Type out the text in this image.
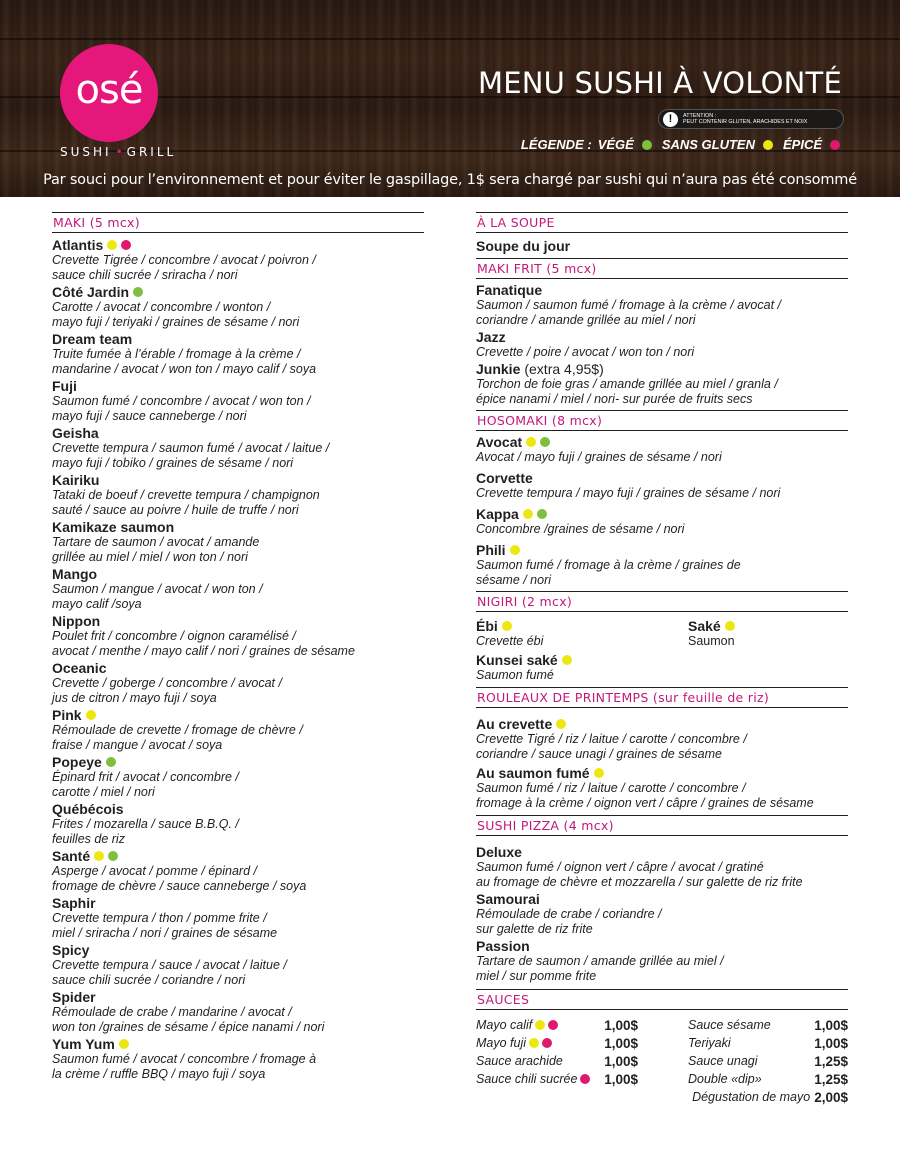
osé
SUSHI • GRILL
MENU SUSHI À VOLONTÉ
!	ATTENTION :
PEUT CONTENIR GLUTEN, ARACHIDES ET NOIX
LÉGENDE : VÉGÉ SANS GLUTEN ÉPICÉ
Par souci pour l’environnement et pour éviter le gaspillage, 1$ sera chargé par sushi qui n’aura pas été consommé
MAKI (5 mcx)
Atlantis
Crevette Tigrée / concombre / avocat / poivron /
sauce chili sucrée / sriracha / nori
Côté Jardin
Carotte / avocat / concombre / wonton /
mayo fuji / teriyaki / graines de sésame / nori
Dream team
Truite fumée à l’érable / fromage à la crème /
mandarine / avocat / won ton / mayo calif / soya
Fuji
Saumon fumé / concombre / avocat / won ton /
mayo fuji / sauce canneberge / nori
Geisha
Crevette tempura / saumon fumé / avocat / laitue /
mayo fuji / tobiko / graines de sésame / nori
Kairiku
Tataki de boeuf / crevette tempura / champignon
sauté / sauce au poivre / huile de truffe / nori
Kamikaze saumon
Tartare de saumon / avocat / amande
grillée au miel / miel / won ton / nori
Mango
Saumon / mangue / avocat / won ton /
mayo calif /soya
Nippon
Poulet frit / concombre / oignon caramélisé /
avocat / menthe / mayo calif / nori / graines de sésame
Oceanic
Crevette / goberge / concombre / avocat /
jus de citron / mayo fuji / soya
Pink
Rémoulade de crevette / fromage de chèvre /
fraise / mangue / avocat / soya
Popeye
Épinard frit / avocat / concombre /
carotte / miel / nori
Québécois
Frites / mozarella / sauce B.B.Q. /
feuilles de riz
Santé
Asperge / avocat / pomme / épinard /
fromage de chèvre / sauce canneberge / soya
Saphir
Crevette tempura / thon / pomme frite /
miel / sriracha / nori / graines de sésame
Spicy
Crevette tempura / sauce / avocat / laitue /
sauce chili sucrée / coriandre / nori
Spider
Rémoulade de crabe / mandarine / avocat /
won ton /graines de sésame / épice nanami / nori
Yum Yum
Saumon fumé / avocat / concombre / fromage à
la crème / ruffle BBQ / mayo fuji / soya
À LA SOUPE
Soupe du jour
MAKI FRIT (5 mcx)
Fanatique
Saumon / saumon fumé / fromage à la crème / avocat /
coriandre / amande grillée au miel / nori
Jazz
Crevette / poire / avocat / won ton / nori
Junkie (extra 4,95$)
Torchon de foie gras / amande grillée au miel / granla /
épice nanami / miel / nori- sur purée de fruits secs
HOSOMAKI (8 mcx)
Avocat
Avocat / mayo fuji / graines de sésame / nori
Corvette
Crevette tempura / mayo fuji / graines de sésame / nori
Kappa
Concombre /graines de sésame / nori
Phili
Saumon fumé / fromage à la crème / graines de
sésame / nori
NIGIRI (2 mcx)
Ébi
Crevette ébi
Saké
Saumon
Kunsei saké
Saumon fumé
ROULEAUX DE PRINTEMPS (sur feuille de riz)
Au crevette
Crevette Tigré / riz / laitue / carotte / concombre /
coriandre / sauce unagi / graines de sésame
Au saumon fumé
Saumon fumé / riz / laitue / carotte / concombre /
fromage à la crème / oignon vert / câpre / graines de sésame
SUSHI PIZZA (4 mcx)
Deluxe
Saumon fumé / oignon vert / câpre / avocat / gratiné
au fromage de chèvre et mozzarella / sur galette de riz frite
Samourai
Rémoulade de crabe / coriandre /
sur galette de riz frite
Passion
Tartare de saumon / amande grillée au miel /
miel / sur pomme frite
SAUCES
Mayo calif	1,00$
Mayo fuji	1,00$
Sauce arachide	1,00$
Sauce chili sucrée 1,00$
Sauce sésame	1,00$
Teriyaki	1,00$
Sauce unagi	1,25$
Double «dip»	1,25$
Dégustation de mayo 2,00$
